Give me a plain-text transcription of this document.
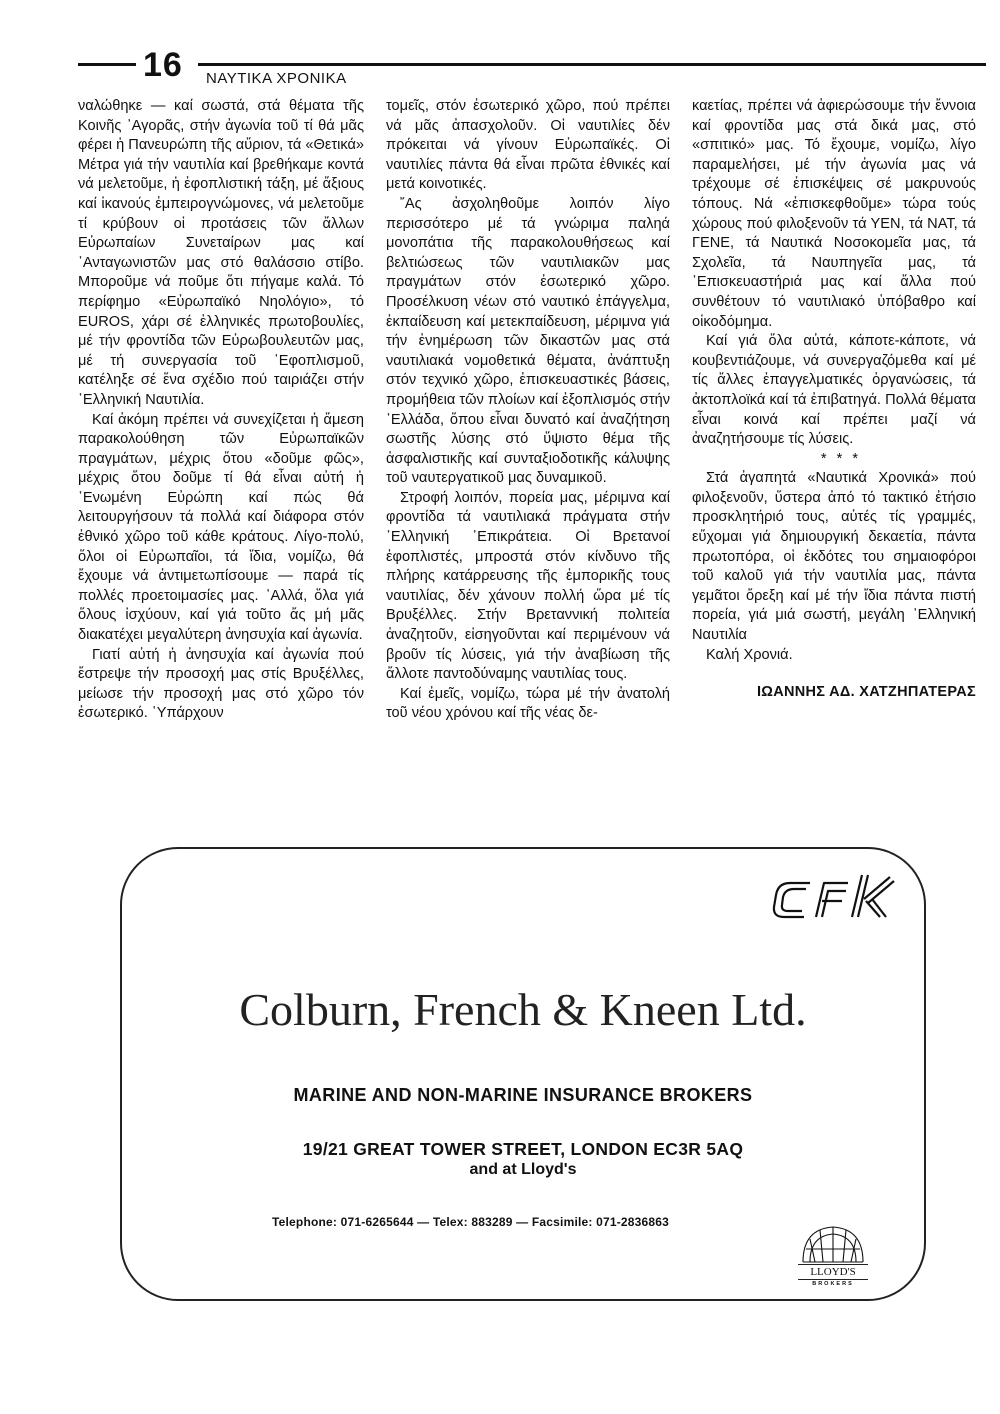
16 ΝΑΥΤΙΚΑ ΧΡΟΝΙΚΑ

ναλώθηκε — καί σωστά, στά θέματα τῆς Κοινῆς ᾿Αγορᾶς, στήν ἀγωνία τοῦ τί θά μᾶς φέρει ἡ Πανευρώπη τῆς αὔριον, τά «Θετικά» Μέτρα γιά τήν ναυτιλία καί βρεθήκαμε κοντά νά μελετοῦμε, ἡ ἐφοπλιστική τάξη, μέ ἄξιους καί ἱκανούς ἐμπειρογνώμονες, νά μελετοῦμε τί κρύβουν οἱ προτάσεις τῶν ἄλλων Εὐρωπαίων Συνεταίρων μας καί ᾿Ανταγωνιστῶν μας στό θαλάσσιο στίβο. Μποροῦμε νά ποῦμε ὅτι πήγαμε καλά. Τό περίφημο «Εὐρωπαϊκό Νηολόγιο», τό EUROS, χάρι σέ ἑλληνικές πρωτοβουλίες, μέ τήν φροντίδα τῶν Εὐρωβουλευτῶν μας, μέ τή συνεργασία τοῦ ᾿Εφοπλισμοῦ, κατέληξε σέ ἕνα σχέδιο πού ταιριάζει στήν ᾿Ελληνική Ναυτιλία.

Καί ἀκόμη πρέπει νά συνεχίζεται ἡ ἄμεση παρακολούθηση τῶν Εὐρωπαϊκῶν πραγμάτων, μέχρις ὅτου «δοῦμε φῶς», μέχρις ὅτου δοῦμε τί θά εἶναι αὐτή ἡ ᾿Ενωμένη Εὐρώπη καί πώς θά λειτουργήσουν τά πολλά καί διάφορα στόν ἐθνικό χῶρο τοῦ κάθε κράτους. Λίγο-πολύ, ὅλοι οἱ Εὐρωπαῖοι, τά ἴδια, νομίζω, θά ἔχουμε νά ἀντιμετωπίσουμε — παρά τίς πολλές προετοιμασίες μας. ᾿Αλλά, ὅλα γιά ὅλους ἰσχύουν, καί γιά τοῦτο ἄς μή μᾶς διακατέχει μεγαλύτερη ἀνησυχία καί ἀγωνία.

Γιατί αὐτή ἡ ἀνησυχία καί ἀγωνία πού ἔστρεψε τήν προσοχή μας στίς Βρυξέλλες, μείωσε τήν προσοχή μας στό χῶρο τόν ἐσωτερικό. ῾Υπάρχουν

τομεῖς, στόν ἐσωτερικό χῶρο, πού πρέπει νά μᾶς ἀπασχολοῦν. Οἱ ναυτιλίες δέν πρόκειται νά γίνουν Εὐρωπαϊκές. Οἱ ναυτιλίες πάντα θά εἶναι πρῶτα ἐθνικές καί μετά κοινοτικές.

῎Ας ἀσχοληθοῦμε λοιπόν λίγο περισσότερο μέ τά γνώριμα παληά μονοπάτια τῆς παρακολουθήσεως καί βελτιώσεως τῶν ναυτιλιακῶν μας πραγμάτων στόν ἐσωτερικό χῶρο. Προσέλκυση νέων στό ναυτικό ἐπάγγελμα, ἐκπαίδευση καί μετεκπαίδευση, μέριμνα γιά τήν ἐνημέρωση τῶν δικαστῶν μας στά ναυτιλιακά νομοθετικά θέματα, ἀνάπτυξη στόν τεχνικό χῶρο, ἐπισκευαστικές βάσεις, προμήθεια τῶν πλοίων καί ἐξοπλισμός στήν ᾿Ελλάδα, ὅπου εἶναι δυνατό καί ἀναζήτηση σωστῆς λύσης στό ὕψιστο θέμα τῆς ἀσφαλιστικῆς καί συνταξιοδοτικῆς κάλυψης τοῦ ναυτεργατικοῦ μας δυναμικοῦ.

Στροφή λοιπόν, πορεία μας, μέριμνα καί φροντίδα τά ναυτιλιακά πράγματα στήν ᾿Ελληνική ᾿Επικράτεια. Οἱ Βρετανοί ἐφοπλιστές, μπροστά στόν κίνδυνο τῆς πλήρης κατάρρευσης τῆς ἐμπορικῆς τους ναυτιλίας, δέν χάνουν πολλή ὥρα μέ τίς Βρυξέλλες. Στήν Βρεταννική πολιτεία ἀναζητοῦν, εἰσηγοῦνται καί περιμένουν νά βροῦν τίς λύσεις, γιά τήν ἀναβίωση τῆς ἄλλοτε παντοδύναμης ναυτιλίας τους.

Καί ἐμεῖς, νομίζω, τώρα μέ τήν ἀνατολή τοῦ νέου χρόνου καί τῆς νέας δε-

καετίας, πρέπει νά ἀφιερώσουμε τήν ἔννοια καί φροντίδα μας στά δικά μας, στό «σπιτικό» μας. Τό ἔχουμε, νομίζω, λίγο παραμελήσει, μέ τήν ἀγωνία μας νά τρέχουμε σέ ἐπισκέψεις σέ μακρυνούς τόπους. Νά «ἐπισκεφθοῦμε» τώρα τούς χώρους πού φιλοξενοῦν τά ΥΕΝ, τά ΝΑΤ, τά ΓΕΝΕ, τά Ναυτικά Νοσοκομεῖα μας, τά Σχολεῖα, τά Ναυπηγεῖα μας, τά ᾿Επισκευαστήριά μας καί ἄλλα πού συνθέτουν τό ναυτιλιακό ὑπόβαθρο καί οἰκοδόμημα.

Καί γιά ὅλα αὐτά, κάποτε-κάποτε, νά κουβεντιάζουμε, νά συνεργαζόμεθα καί μέ τίς ἄλλες ἐπαγγελματικές ὀργανώσεις, τά ἀκτοπλοϊκά καί τά ἐπιβατηγά. Πολλά θέματα εἶναι κοινά καί πρέπει μαζί νά ἀναζητήσουμε τίς λύσεις.

* * *

Στά ἀγαπητά «Ναυτικά Χρονικά» πού φιλοξενοῦν, ὕστερα ἀπό τό τακτικό ἐτήσιο προσκλητήριό τους, αὐτές τίς γραμμές, εὔχομαι γιά δημιουργική δεκαετία, πάντα πρωτοπόρα, οἱ ἐκδότες του σημαιοφόροι τοῦ καλοῦ γιά τήν ναυτιλία μας, πάντα γεμᾶτοι ὄρεξη καί μέ τήν ἴδια πάντα πιστή πορεία, γιά μιά σωστή, μεγάλη ᾿Ελληνική Ναυτιλία

Καλή Χρονιά.

ΙΩΑΝΝΗΣ ΑΔ. ΧΑΤΖΗΠΑΤΕΡΑΣ
Colburn, French & Kneen Ltd.
MARINE AND NON-MARINE INSURANCE BROKERS
19/21 GREAT TOWER STREET, LONDON EC3R 5AQ
and at Lloyd's
Telephone: 071-6265644 — Telex: 883289 — Facsimile: 071-2836863
LLOYD'S
BROKERS
